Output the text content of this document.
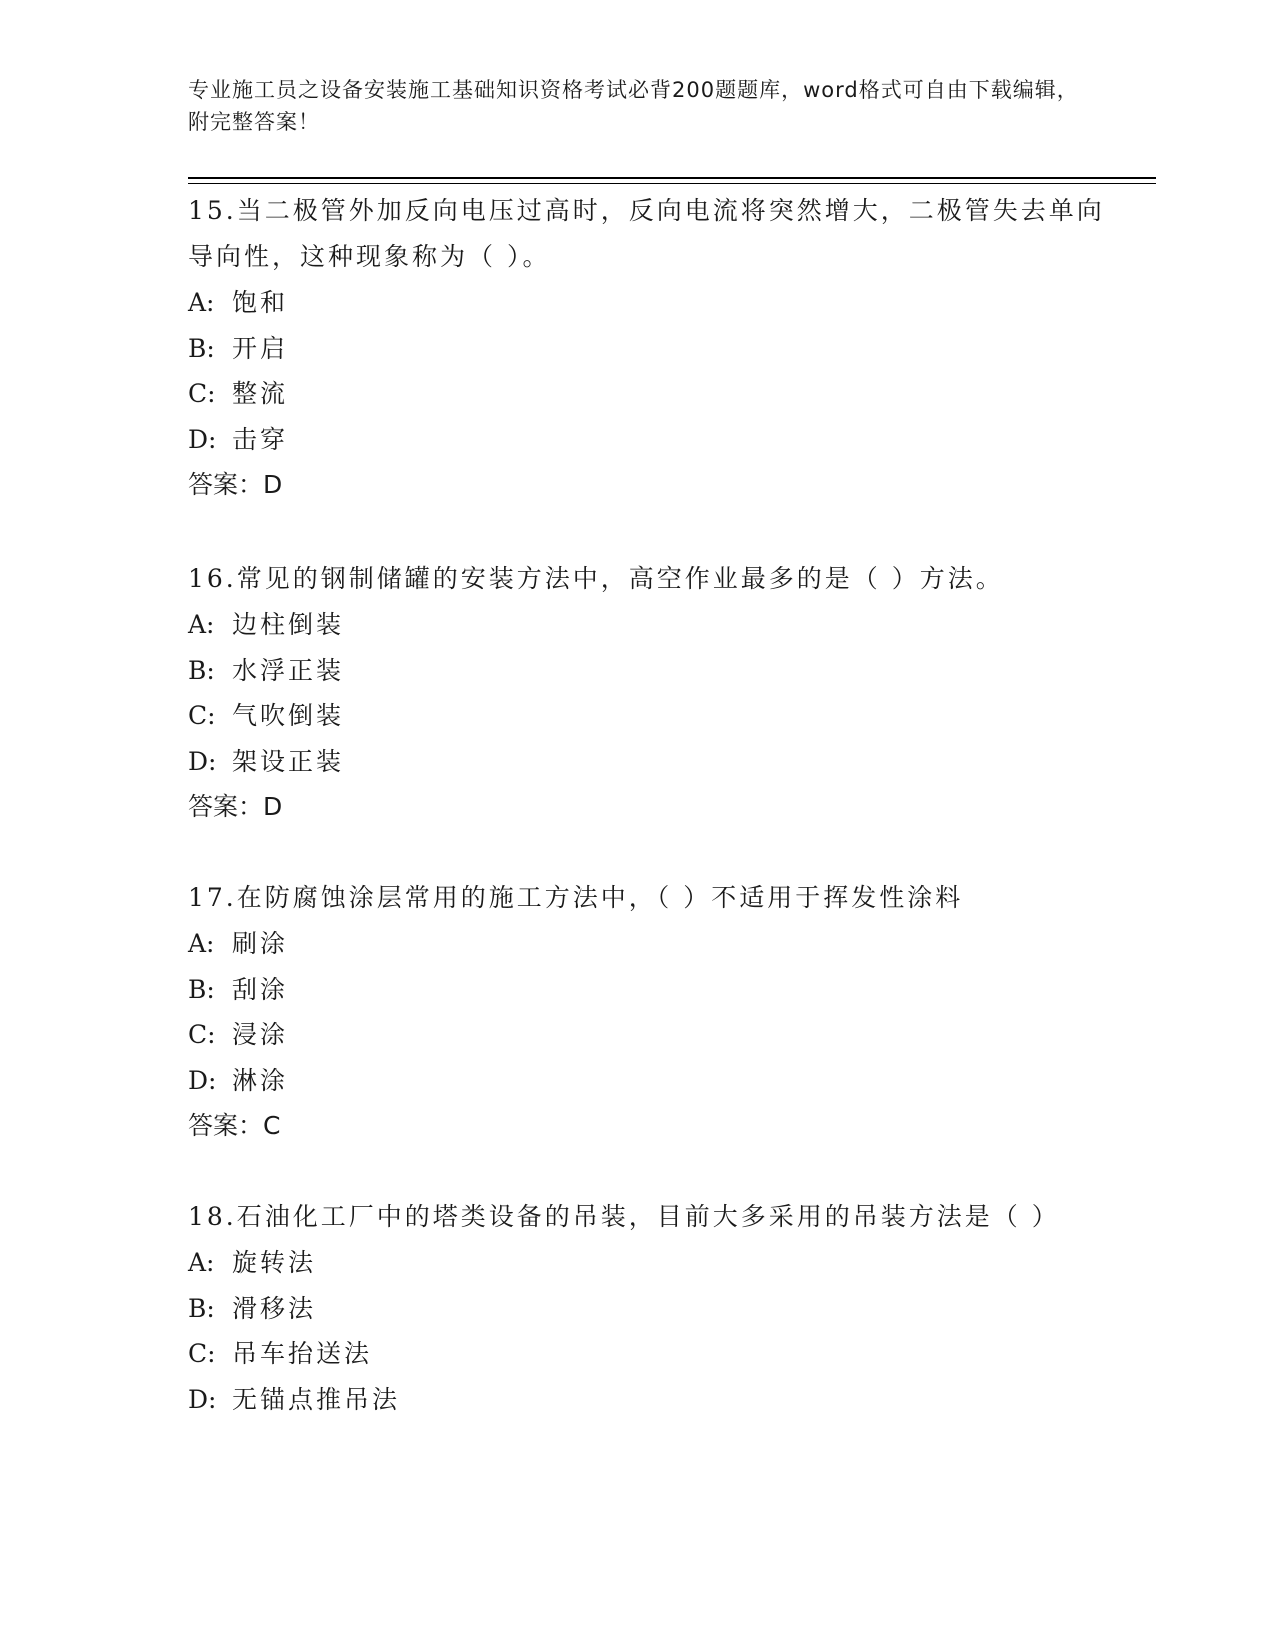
专业施工员之设备安装施工基础知识资格考试必背200题题库，word格式可自由下载编辑，附完整答案！

15.当二极管外加反向电压过高时，反向电流将突然增大，二极管失去单向导向性，这种现象称为（ ）。

A: 饱和

B: 开启

C: 整流

D: 击穿

答案：D

16.常见的钢制储罐的安装方法中，高空作业最多的是（ ）方法。

A: 边柱倒装

B: 水浮正装

C: 气吹倒装

D: 架设正装

答案：D

17.在防腐蚀涂层常用的施工方法中，（ ）不适用于挥发性涂料

A: 刷涂

B: 刮涂

C: 浸涂

D: 淋涂

答案：C

18.石油化工厂中的塔类设备的吊装，目前大多采用的吊装方法是（ ）

A: 旋转法

B: 滑移法

C: 吊车抬送法

D: 无锚点推吊法
